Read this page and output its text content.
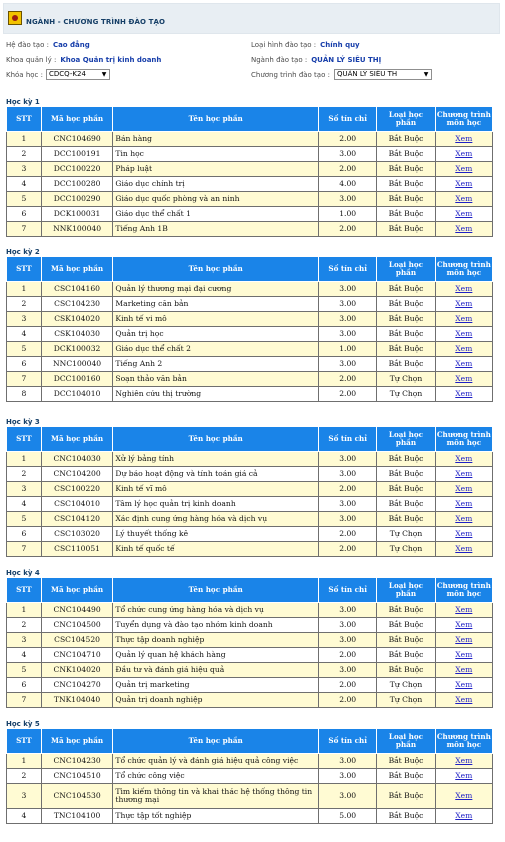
NGÀNH - CHƯƠNG TRÌNH ĐÀO TẠO
Hệ đào tạo : Cao đẳng	Loại hình đào tạo : Chính quy
Khoa quản lý : Khoa Quản trị kinh doanh	Ngành đào tạo : QUẢN LÝ SIÊU THỊ
Khóa học : CDCQ-K24	▼	Chương trình đào tạo :	QUẢN LÝ SIÊU TH	▼
Học kỳ 1
STT	Mã học phần	Tên học phần	Số tín chỉ	Loại học phần	Chương trình môn học
1	CNC104690	Bán hàng	2.00	Bắt Buộc	Xem
2	DCC100191	Tin học	3.00	Bắt Buộc	Xem
3	DCC100220	Pháp luật	2.00	Bắt Buộc	Xem
4	DCC100280	Giáo dục chính trị	4.00	Bắt Buộc	Xem
5	DCC100290	Giáo dục quốc phòng và an ninh	3.00	Bắt Buộc	Xem
6	DCK100031	Giáo dục thể chất 1	1.00	Bắt Buộc	Xem
7	NNK100040	Tiếng Anh 1B	2.00	Bắt Buộc	Xem
Học kỳ 2
STT	Mã học phần	Tên học phần	Số tín chỉ	Loại học phần	Chương trình môn học
1	CSC104160	Quản lý thương mại đại cương	3.00	Bắt Buộc	Xem
2	CSC104230	Marketing căn bản	3.00	Bắt Buộc	Xem
3	CSK104020	Kinh tế vi mô	3.00	Bắt Buộc	Xem
4	CSK104030	Quản trị học	3.00	Bắt Buộc	Xem
5	DCK100032	Giáo dục thể chất 2	1.00	Bắt Buộc	Xem
6	NNC100040	Tiếng Anh 2	3.00	Bắt Buộc	Xem
7	DCC100160	Soạn thảo văn bản	2.00	Tự Chọn	Xem
8	DCC104010	Nghiên cứu thị trường	2.00	Tự Chọn	Xem
Học kỳ 3
STT	Mã học phần	Tên học phần	Số tín chỉ	Loại học phần	Chương trình môn học
1	CNC104030	Xử lý bảng tính	3.00	Bắt Buộc	Xem
2	CNC104200	Dự báo hoạt động và tính toán giá cả	3.00	Bắt Buộc	Xem
3	CSC100220	Kinh tế vĩ mô	2.00	Bắt Buộc	Xem
4	CSC104010	Tâm lý học quản trị kinh doanh	3.00	Bắt Buộc	Xem
5	CSC104120	Xác định cung ứng hàng hóa và dịch vụ	3.00	Bắt Buộc	Xem
6	CSC103020	Lý thuyết thống kê	2.00	Tự Chọn	Xem
7	CSC110051	Kinh tế quốc tế	2.00	Tự Chọn	Xem
Học kỳ 4
STT	Mã học phần	Tên học phần	Số tín chỉ	Loại học phần	Chương trình môn học
1	CNC104490	Tổ chức cung ứng hàng hóa và dịch vụ	3.00	Bắt Buộc	Xem
2	CNC104500	Tuyển dụng và đào tạo nhóm kinh doanh	3.00	Bắt Buộc	Xem
3	CSC104520	Thực tập doanh nghiệp	3.00	Bắt Buộc	Xem
4	CNC104710	Quản lý quan hệ khách hàng	2.00	Bắt Buộc	Xem
5	CNK104020	Đầu tư và đánh giá hiệu quả	3.00	Bắt Buộc	Xem
6	CNC104270	Quản trị marketing	2.00	Tự Chọn	Xem
7	TNK104040	Quản trị doanh nghiệp	2.00	Tự Chọn	Xem
Học kỳ 5
STT	Mã học phần	Tên học phần	Số tín chỉ	Loại học phần	Chương trình môn học
1	CNC104230	Tổ chức quản lý và đánh giá hiệu quả công việc	3.00	Bắt Buộc	Xem
2	CNC104510	Tổ chức công việc	3.00	Bắt Buộc	Xem
3	CNC104530	Tìm kiếm thông tin và khai thác hệ thống thông tin thương mại	3.00	Bắt Buộc	Xem
4	TNC104100	Thực tập tốt nghiệp	5.00	Bắt Buộc	Xem
